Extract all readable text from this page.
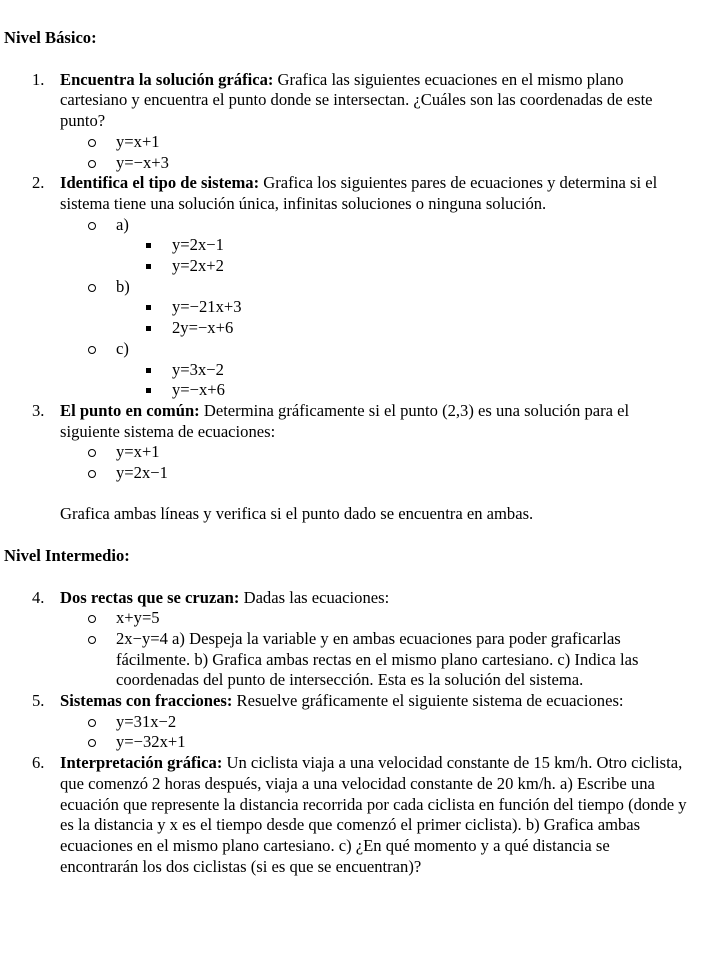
Nivel Básico:

1. Encuentra la solución gráfica: Grafica las siguientes ecuaciones en el mismo plano cartesiano y encuentra el punto donde se intersectan. ¿Cuáles son las coordenadas de este punto?
y=x+1
y=−x+3
2. Identifica el tipo de sistema: Grafica los siguientes pares de ecuaciones y determina si el sistema tiene una solución única, infinitas soluciones o ninguna solución.
a)
y=2x−1
y=2x+2
b)
y=−21x+3
2y=−x+6
c)
y=3x−2
y=−x+6
3. El punto en común: Determina gráficamente si el punto (2,3) es una solución para el siguiente sistema de ecuaciones:
y=x+1
y=2x−1
Grafica ambas líneas y verifica si el punto dado se encuentra en ambas.

Nivel Intermedio:

4. Dos rectas que se cruzan: Dadas las ecuaciones:
x+y=5
2x−y=4 a) Despeja la variable y en ambas ecuaciones para poder graficarlas fácilmente. b) Grafica ambas rectas en el mismo plano cartesiano. c) Indica las coordenadas del punto de intersección. Esta es la solución del sistema.
5. Sistemas con fracciones: Resuelve gráficamente el siguiente sistema de ecuaciones:
y=31x−2
y=−32x+1
6. Interpretación gráfica: Un ciclista viaja a una velocidad constante de 15 km/h. Otro ciclista, que comenzó 2 horas después, viaja a una velocidad constante de 20 km/h. a) Escribe una ecuación que represente la distancia recorrida por cada ciclista en función del tiempo (donde y es la distancia y x es el tiempo desde que comenzó el primer ciclista). b) Grafica ambas ecuaciones en el mismo plano cartesiano. c) ¿En qué momento y a qué distancia se encontrarán los dos ciclistas (si es que se encuentran)?
